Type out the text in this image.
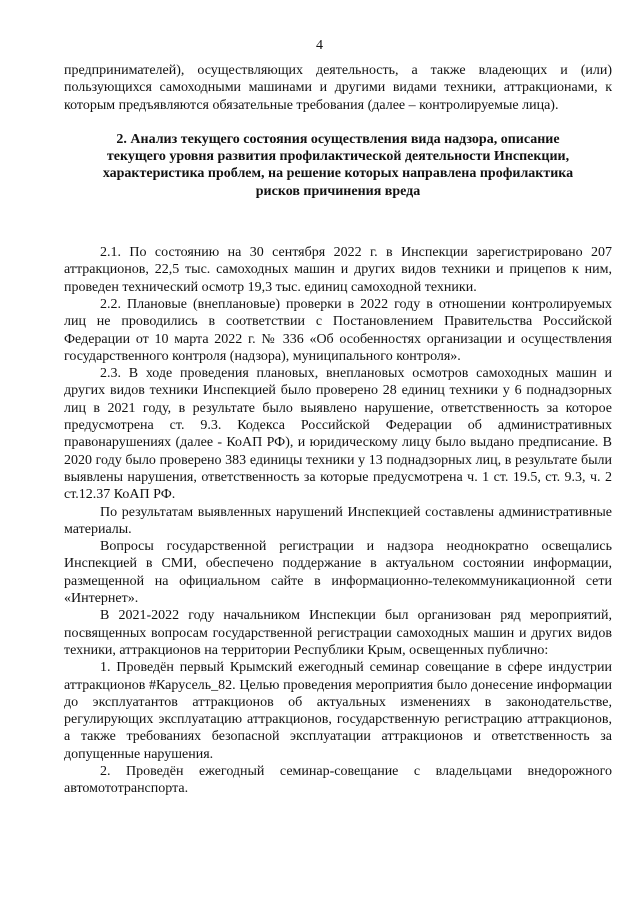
4

предпринимателей), осуществляющих деятельность, а также владеющих и (или) пользующихся самоходными машинами и другими видами техники, аттракционами, к которым предъявляются обязательные требования (далее – контролируемые лица).

2. Анализ текущего состояния осуществления вида надзора, описание
текущего уровня развития профилактической деятельности Инспекции,
характеристика проблем, на решение которых направлена профилактика
рисков причинения вреда

2.1. По состоянию на 30 сентября 2022 г. в Инспекции зарегистрировано 207 аттракционов, 22,5 тыс. самоходных машин и других видов техники и прицепов к ним, проведен технический осмотр 19,3 тыс. единиц самоходной техники.

2.2. Плановые (внеплановые) проверки в 2022 году в отношении контролируемых лиц не проводились в соответствии с Постановлением Правительства Российской Федерации от 10 марта 2022 г. № 336 «Об особенностях организации и осуществления государственного контроля (надзора), муниципального контроля».

2.3. В ходе проведения плановых, внеплановых осмотров самоходных машин и других видов техники Инспекцией было проверено 28 единиц техники у 6 поднадзорных лиц в 2021 году, в результате было выявлено нарушение, ответственность за которое предусмотрена ст. 9.3. Кодекса Российской Федерации об административных правонарушениях (далее - КоАП РФ), и юридическому лицу было выдано предписание. В 2020 году было проверено 383 единицы техники у 13 поднадзорных лиц, в результате были выявлены нарушения, ответственность за которые предусмотрена ч. 1 ст. 19.5, ст. 9.3, ч. 2 ст.12.37 КоАП РФ.

По результатам выявленных нарушений Инспекцией составлены административные материалы.

Вопросы государственной регистрации и надзора неоднократно освещались Инспекцией в СМИ, обеспечено поддержание в актуальном состоянии информации, размещенной на официальном сайте в информационно-телекоммуникационной сети «Интернет».

В 2021-2022 году начальником Инспекции был организован ряд мероприятий, посвященных вопросам государственной регистрации самоходных машин и других видов техники, аттракционов на территории Республики Крым, освещенных публично:

1. Проведён первый Крымский ежегодный семинар совещание в сфере индустрии аттракционов #Карусель_82. Целью проведения мероприятия было донесение информации до эксплуатантов аттракционов об актуальных изменениях в законодательстве, регулирующих эксплуатацию аттракционов, государственную регистрацию аттракционов, а также требованиях безопасной эксплуатации аттракционов и ответственность за допущенные нарушения.

2. Проведён ежегодный семинар-совещание с владельцами внедорожного автомототранспорта.
